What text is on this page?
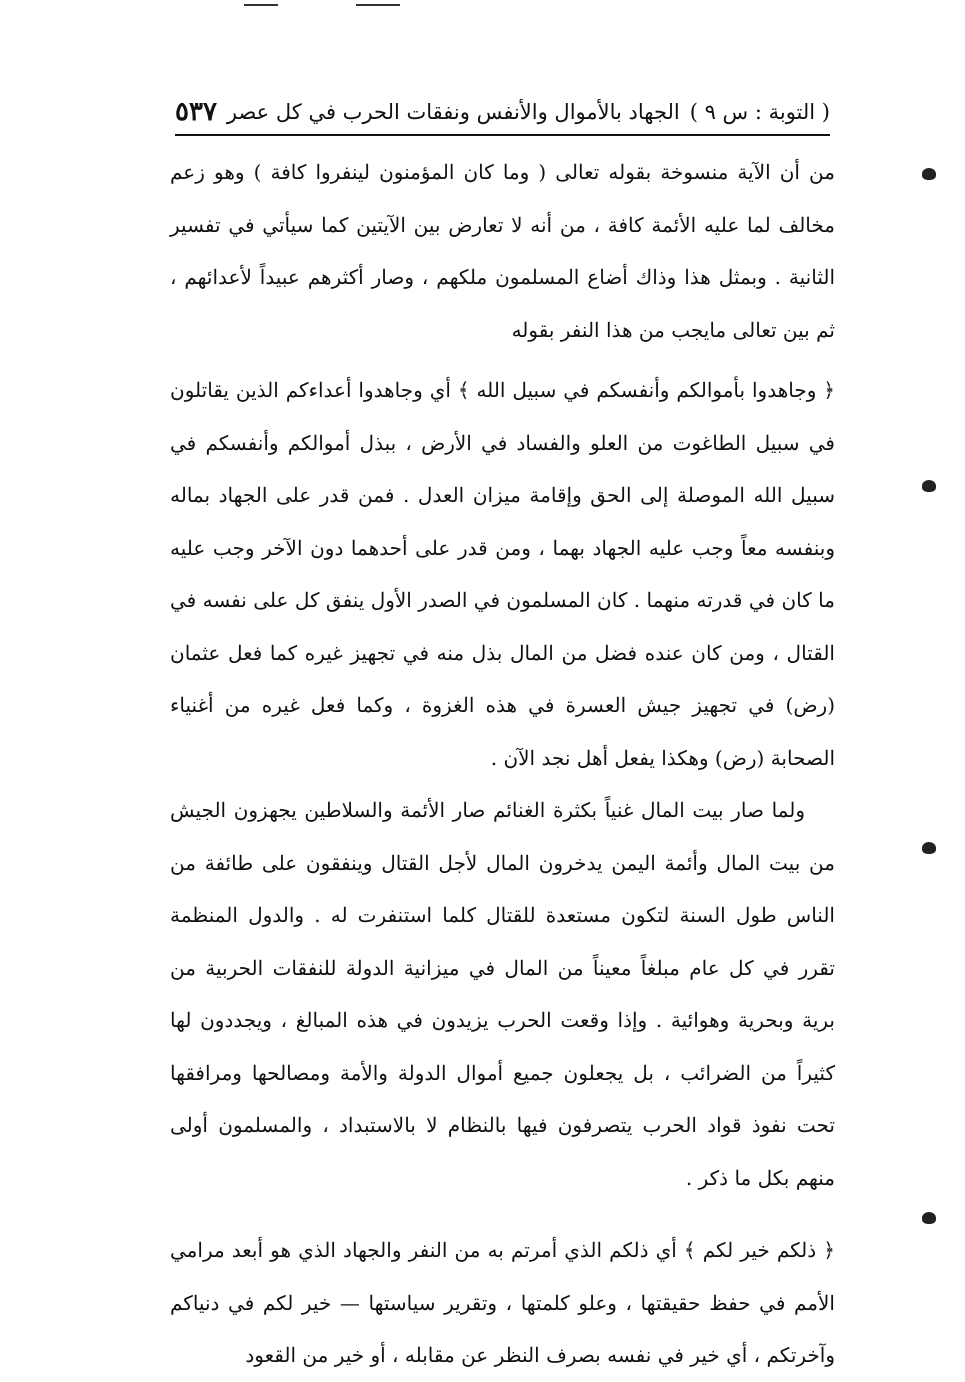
( التوبة : س ٩ )
الجهاد بالأموال والأنفس ونفقات الحرب في كل عصر
٥٣٧

من أن الآية منسوخة بقوله تعالى ( وما كان المؤمنون لينفروا كافة ) وهو زعم مخالف لما عليه الأئمة كافة ، من أنه لا تعارض بين الآيتين كما سيأتي في تفسير الثانية . وبمثل هذا وذاك أضاع المسلمون ملكهم ، وصار أكثرهم عبيداً لأعدائهم ، ثم بين تعالى مايجب من هذا النفر بقوله

﴿ وجاهدوا بأموالكم وأنفسكم في سبيل الله ﴾ أي وجاهدوا أعداءكم الذين يقاتلون في سبيل الطاغوت من العلو والفساد في الأرض ، ببذل أموالكم وأنفسكم في سبيل الله الموصلة إلى الحق وإقامة ميزان العدل . فمن قدر على الجهاد بماله وبنفسه معاً وجب عليه الجهاد بهما ، ومن قدر على أحدهما دون الآخر وجب عليه ما كان في قدرته منهما . كان المسلمون في الصدر الأول ينفق كل على نفسه في القتال ، ومن كان عنده فضل من المال بذل منه في تجهيز غيره كما فعل عثمان (رض) في تجهيز جيش العسرة في هذه الغزوة ، وكما فعل غيره من أغنياء الصحابة (رض) وهكذا يفعل أهل نجد الآن .

ولما صار بيت المال غنياً بكثرة الغنائم صار الأئمة والسلاطين يجهزون الجيش من بيت المال وأئمة اليمن يدخرون المال لأجل القتال وينفقون على طائفة من الناس طول السنة لتكون مستعدة للقتال كلما استنفرت له . والدول المنظمة تقرر في كل عام مبلغاً معيناً من المال في ميزانية الدولة للنفقات الحربية من برية وبحرية وهوائية . وإذا وقعت الحرب يزيدون في هذه المبالغ ، ويجددون لها كثيراً من الضرائب ، بل يجعلون جميع أموال الدولة والأمة ومصالحها ومرافقها تحت نفوذ قواد الحرب يتصرفون فيها بالنظام لا بالاستبداد ، والمسلمون أولى منهم بكل ما ذكر .

﴿ ذلكم خير لكم ﴾ أي ذلكم الذي أمرتم به من النفر والجهاد الذي هو أبعد مرامي الأمم في حفظ حقيقتها ، وعلو كلمتها ، وتقرير سياستها — خير لكم في دنياكم وآخرتكم ، أي خير في نفسه بصرف النظر عن مقابله ، أو خير من القعود
